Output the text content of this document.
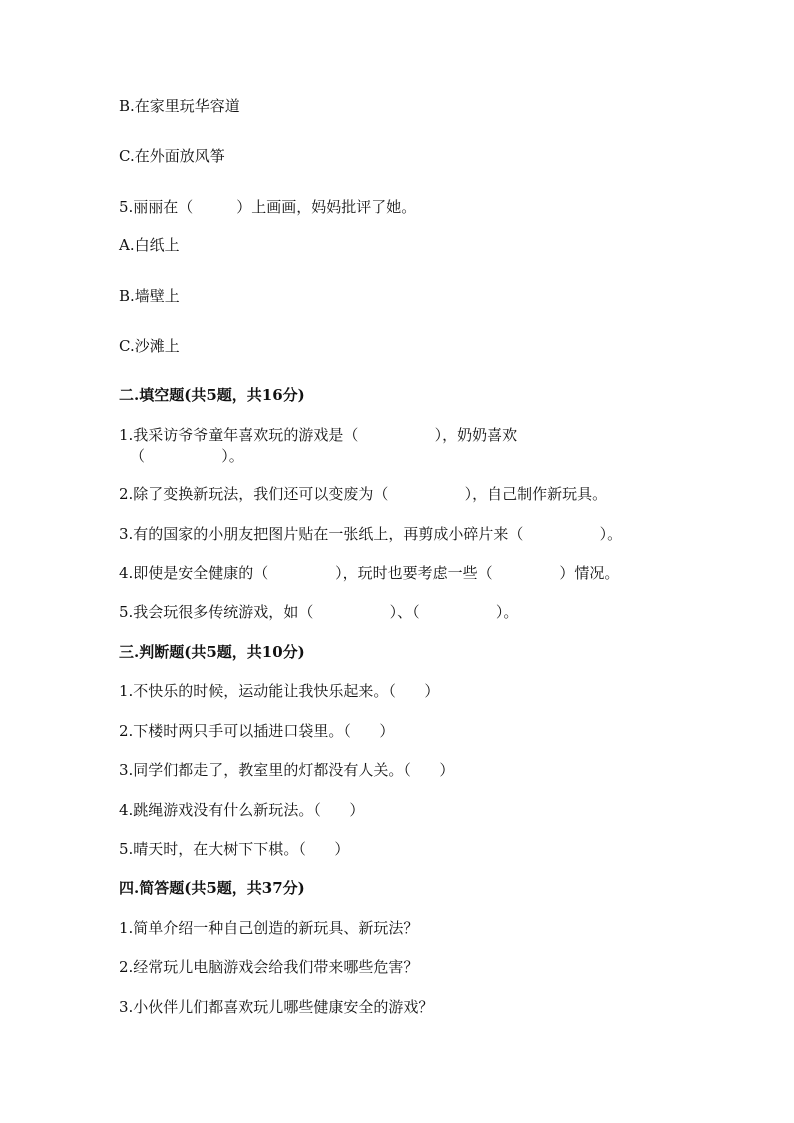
B.在家里玩华容道
C.在外面放风筝
5.丽丽在（         ）上画画，妈妈批评了她。
A.白纸上
B.墙壁上
C.沙滩上
二.填空题(共5题，共16分)
1.我采访爷爷童年喜欢玩的游戏是（                ），奶奶喜欢
（                ）。
2.除了变换新玩法，我们还可以变废为（                ），自己制作新玩具。
3.有的国家的小朋友把图片贴在一张纸上，再剪成小碎片来（                ）。
4.即使是安全健康的（              ），玩时也要考虑一些（              ）情况。
5.我会玩很多传统游戏，如（                ）、（                ）。
三.判断题(共5题，共10分)
1.不快乐的时候，运动能让我快乐起来。（      ）
2.下楼时两只手可以插进口袋里。（      ）
3.同学们都走了，教室里的灯都没有人关。（      ）
4.跳绳游戏没有什么新玩法。（      ）
5.晴天时，在大树下下棋。（      ）
四.简答题(共5题，共37分)
1.简单介绍一种自己创造的新玩具、新玩法？
2.经常玩儿电脑游戏会给我们带来哪些危害？
3.小伙伴儿们都喜欢玩儿哪些健康安全的游戏？
